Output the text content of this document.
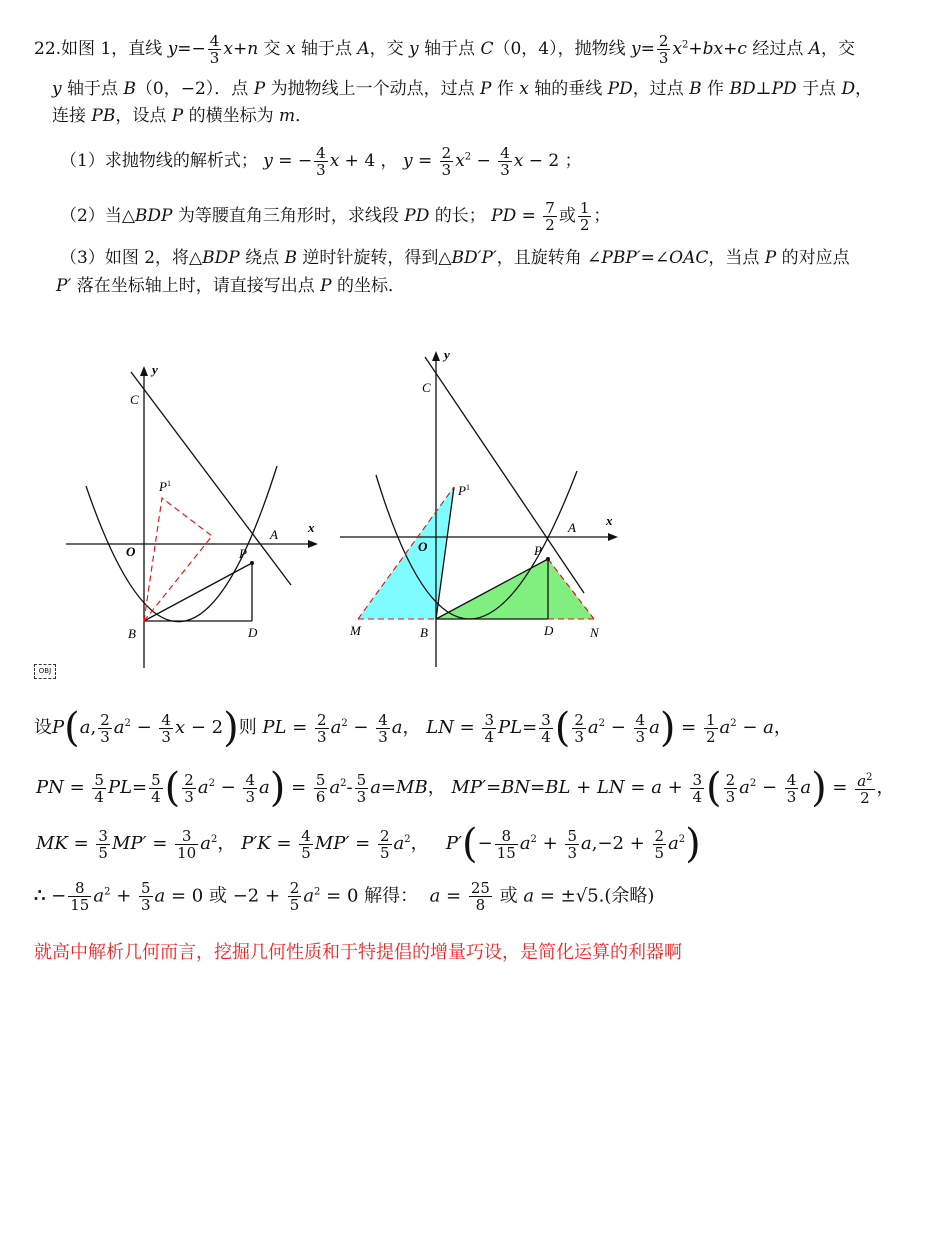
22.如图 1，直线 $y=- \frac{4}{3} x+n$ 交 x 轴于点 A，交 y 轴于点 C（0，4），抛物线 $y= \frac{2}{3} x^2+bx+c$ 经过点 A，交
y 轴于点 B（0，−2）．点 P 为抛物线上一个动点，过点 P 作 x 轴的垂线 PD，过点 B 作 BD⊥PD 于点 D，
连接 PB，设点 P 的横坐标为 m．
（1）求抛物线的解析式； y = − $\frac{4}{3}$ x + 4 ， $y = \frac{2}{3} x^2 - \frac{4}{3}$ x − 2 ；
（2）当△BDP 为等腰直角三角形时，求线段 PD 的长； PD = $\frac{7}{2}$ 或 $\frac{1}{2}$ ；
（3）如图 2，将△BDP 绕点 B 逆时针旋转，得到△BD′P′，且旋转角 ∠PBP′=∠OAC，当点 P 的对应点
P′ 落在坐标轴上时，请直接写出点 P 的坐标．
y
x
C
O
A
P
$P^1$
B	D
y
x
C
O
A
P
$P^1$
M	B	D	N
OBJ
设P(a, $\frac{2}{3} a^2 - \frac{4}{3}$ x − 2)则 PL = $\frac{2}{3} a^2 - \frac{4}{3}$ a， LN = $\frac{3}{4} PL= \frac{3}{4}$ ( $\frac{2}{3} a^2 - \frac{4}{3} a) = \frac{1}{2} a^2 - a$，
PN = $\frac{5}{4} PL= \frac{5}{4}$ ( $\frac{2}{3} a^2 - \frac{4}{3} a) = \frac{5}{6} a^2- \frac{5}{3} a=MB$， MP′=BN=BL + LN = $a + \frac{3}{4}$ ( $\frac{2}{3} a^2 - \frac{4}{3} a) = \frac{a^2}{2}$ ，
MK = $\frac{3}{5} MP' = \frac{3}{10} a^2$， $P'K = \frac{4}{5} MP' = \frac{2}{5} a^2$， $P'(- \frac{8}{15} a^2 + \frac{5}{3} a,-2 + \frac{2}{5} a^2)$
∴ − $\frac{8}{15} a^2 + \frac{5}{3}$ a = 0 或 $-2 + \frac{2}{5} a^2 = 0$ 解得： $a = \frac{25}{8}$ 或 a = ±√5.(余略)
就高中解析几何而言，挖掘几何性质和于特提倡的增量巧设，是简化运算的利器啊
